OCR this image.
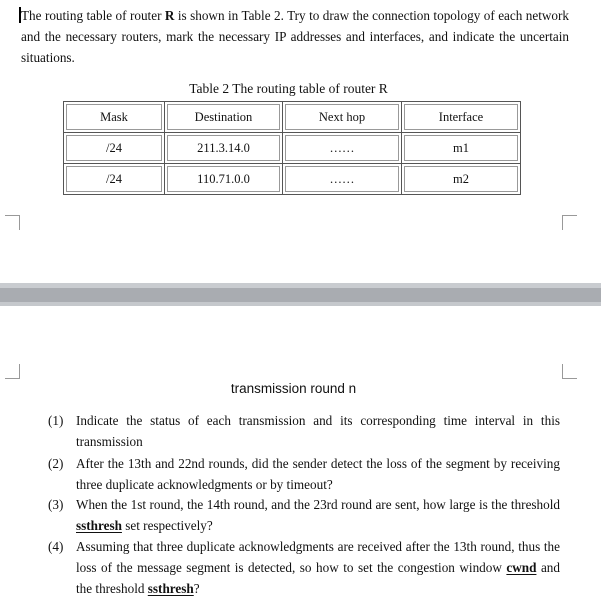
The routing table of router R is shown in Table 2. Try to draw the connection topology of each network and the necessary routers, mark the necessary IP addresses and interfaces, and indicate the uncertain situations.
Table 2 The routing table of router R
Mask	Destination	Next hop	Interface

/24	211.3.14.0	……	m1

/24	110.71.0.0	……	m2
transmission round n
(1) Indicate the status of each transmission and its corresponding time interval in this transmission
(2) After the 13th and 22nd rounds, did the sender detect the loss of the segment by receiving three duplicate acknowledgments or by timeout?
(3) When the 1st round, the 14th round, and the 23rd round are sent, how large is the threshold ssthresh set respectively?
(4) Assuming that three duplicate acknowledgments are received after the 13th round, thus the loss of the message segment is detected, so how to set the congestion window cwnd and the threshold ssthresh?
